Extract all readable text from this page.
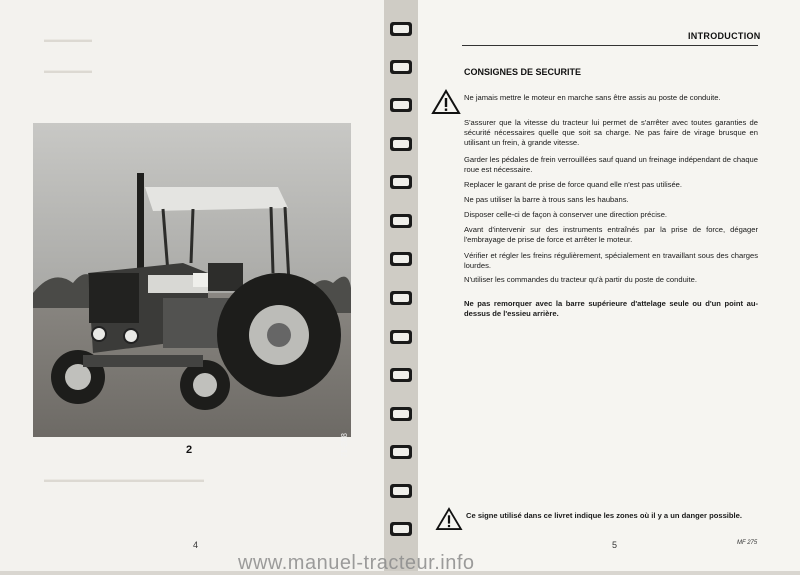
▬▬▬▬▬▬
▬▬▬▬▬▬
71-288
2
▬▬▬▬▬▬▬▬▬▬▬▬▬▬▬▬▬▬▬▬
4
INTRODUCTION
CONSIGNES DE SECURITE
Ne jamais mettre le moteur en marche sans être assis au poste de conduite.
S'assurer que la vitesse du tracteur lui permet de s'arrêter avec toutes garanties de sécurité nécessaires quelle que soit sa charge. Ne pas faire de virage brusque en utilisant un frein, à grande vitesse.
Garder les pédales de frein verrouillées sauf quand un freinage indépendant de chaque roue est nécessaire.
Replacer le garant de prise de force quand elle n'est pas utilisée.
Ne pas utiliser la barre à trous sans les haubans.
Disposer celle-ci de façon à conserver une direction précise.
Avant d'intervenir sur des instruments entraînés par la prise de force, dégager l'embrayage de prise de force et arrêter le moteur.
Vérifier et régler les freins régulièrement, spécialement en travaillant sous des charges lourdes.
N'utiliser les commandes du tracteur qu'à partir du poste de conduite.
Ne pas remorquer avec la barre supérieure d'attelage seule ou d'un point au-dessus de l'essieu arrière.
Ce signe utilisé dans ce livret indique les zones où il y a un danger possible.
5	MF 275
www.manuel-tracteur.info
